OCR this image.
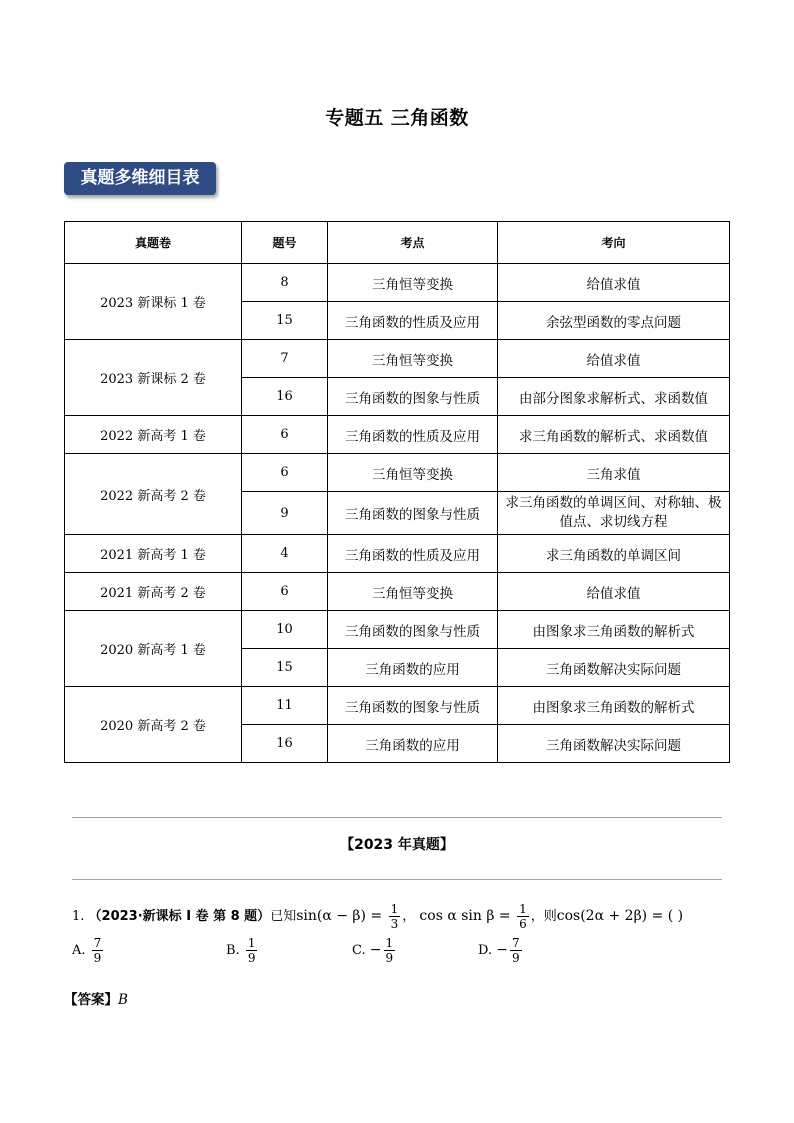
专题五 三角函数
真题多维细目表
真题卷	题号	考点	考向
2023 新课标 1 卷	8	三角恒等变换	给值求值
	15	三角函数的性质及应用	余弦型函数的零点问题
2023 新课标 2 卷	7	三角恒等变换	给值求值
	16	三角函数的图象与性质	由部分图象求解析式、求函数值
2022 新高考 1 卷	6	三角函数的性质及应用	求三角函数的解析式、求函数值
2022 新高考 2 卷	6	三角恒等变换	三角求值
	9	三角函数的图象与性质	求三角函数的单调区间、对称轴、极值点、求切线方程
2021 新高考 1 卷	4	三角函数的性质及应用	求三角函数的单调区间
2021 新高考 2 卷	6	三角恒等变换	给值求值
2020 新高考 1 卷	10	三角函数的图象与性质	由图象求三角函数的解析式
	15	三角函数的应用	三角函数解决实际问题
2020 新高考 2 卷	11	三角函数的图象与性质	由图象求三角函数的解析式
	16	三角函数的应用	三角函数解决实际问题
【2023 年真题】
1. （2023·新课标 I 卷 第 8 题）已知$\sin(\alpha - \beta) = \frac{1}{3}$ ， cos α $\sin \beta = \frac{1}{6}$ ，则cos(2α + 2β) = ( )
A. $\frac{7}{9}$	B. $\frac{1}{9}$	C. − $\frac{1}{9}$	D. − $\frac{7}{9}$
【答案】B
